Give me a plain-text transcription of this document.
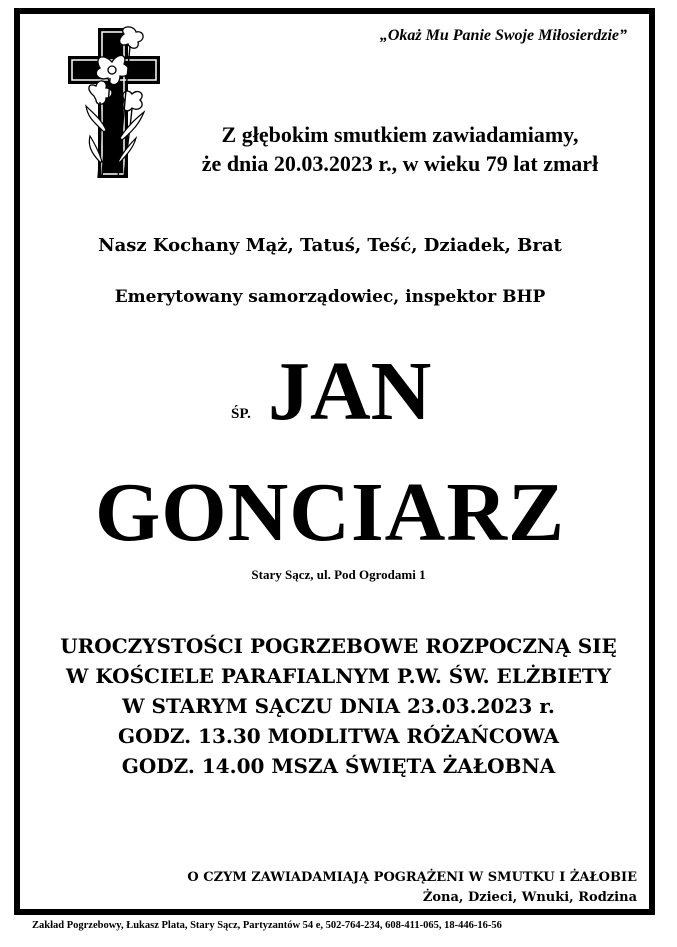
„Okaż Mu Panie Swoje Miłosierdzie”
Z głębokim smutkiem zawiadamiamy,
że dnia 20.03.2023 r., w wieku 79 lat zmarł
Nasz Kochany Mąż, Tatuś, Teść, Dziadek, Brat
Emerytowany samorządowiec, inspektor BHP
ŚP. JAN
GONCIARZ
Stary Sącz, ul. Pod Ogrodami 1
UROCZYSTOŚCI POGRZEBOWE ROZPOCZNĄ SIĘ
W KOŚCIELE PARAFIALNYM P.W. ŚW. ELŻBIETY
W STARYM SĄCZU DNIA 23.03.2023 r.
GODZ. 13.30 MODLITWA RÓŻAŃCOWA
GODZ. 14.00 MSZA ŚWIĘTA ŻAŁOBNA
O CZYM ZAWIADAMIAJĄ POGRĄŻENI W SMUTKU I ŻAŁOBIE
Żona, Dzieci, Wnuki, Rodzina
Zakład Pogrzebowy, Łukasz Plata, Stary Sącz, Partyzantów 54 e, 502-764-234, 608-411-065, 18-446-16-56
